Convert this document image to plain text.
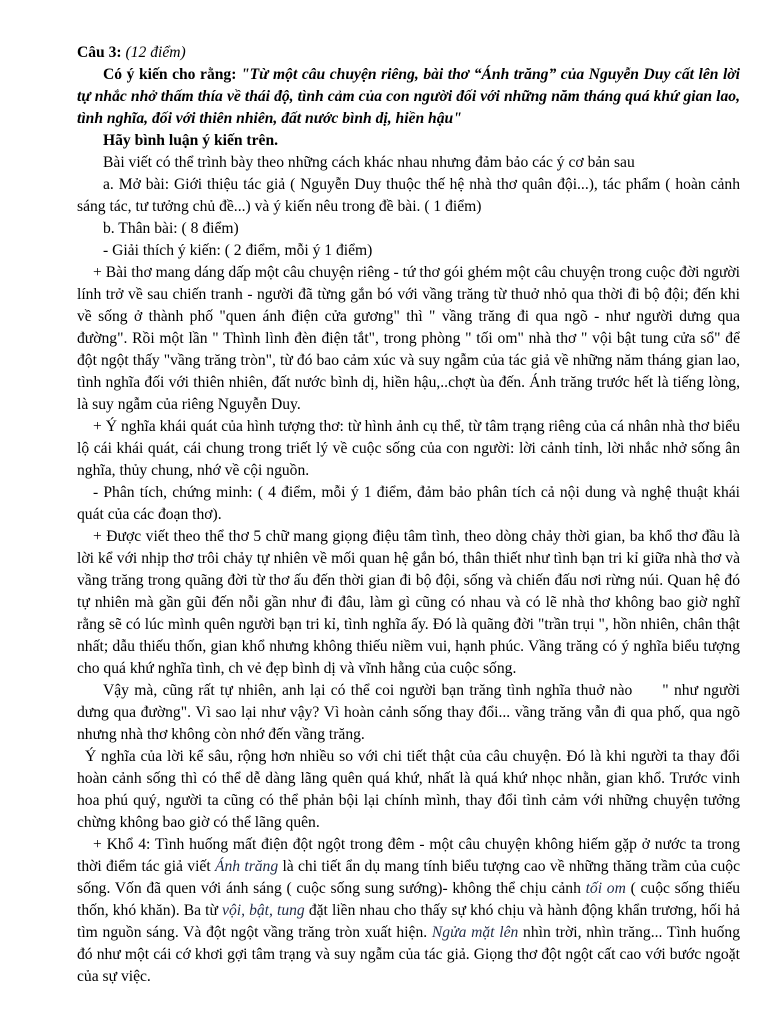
Câu 3: (12 điểm)

Có ý kiến cho rằng: "Từ một câu chuyện riêng, bài thơ “Ánh trăng” của Nguyễn Duy cất lên lời tự nhắc nhở thấm thía về thái độ, tình cảm của con người đối với những năm tháng quá khứ gian lao, tình nghĩa, đối với thiên nhiên, đất nước bình dị, hiền hậu"

Hãy bình luận ý kiến trên.

Bài viết có thể trình bày theo những cách khác nhau nhưng đảm bảo các ý cơ bản sau

a. Mở bài: Giới thiệu tác giả ( Nguyễn Duy thuộc thế hệ nhà thơ quân đội...), tác phẩm ( hoàn cảnh sáng tác, tư tưởng chủ đề...) và ý kiến nêu trong đề bài. ( 1 điểm)

b. Thân bài: ( 8 điểm)

- Giải thích ý kiến: ( 2 điểm, mỗi ý 1 điểm)

+ Bài thơ mang dáng dấp một câu chuyện riêng - tứ thơ gói ghém một câu chuyện trong cuộc đời người lính trở về sau chiến tranh - người đã từng gắn bó với vầng trăng từ thuở nhỏ qua thời đi bộ đội; đến khi về sống ở thành phố "quen ánh điện cửa gương" thì " vầng trăng đi qua ngõ - như người dưng qua đường". Rồi một lần " Thình lình đèn điện tắt", trong phòng " tối om" nhà thơ " vội bật tung cửa sổ" để đột ngột thấy "vầng trăng tròn", từ đó bao cảm xúc và suy ngẫm của tác giả về những năm tháng gian lao, tình nghĩa đối với thiên nhiên, đất nước bình dị, hiền hậu,..chợt ùa đến. Ánh trăng trước hết là tiếng lòng, là suy ngẫm của riêng Nguyễn Duy.

+ Ý nghĩa khái quát của hình tượng thơ: từ hình ảnh cụ thể, từ tâm trạng riêng của cá nhân nhà thơ biểu lộ cái khái quát, cái chung trong triết lý về cuộc sống của con người: lời cảnh tỉnh, lời nhắc nhở sống ân nghĩa, thủy chung, nhớ về cội nguồn.

- Phân tích, chứng minh: ( 4 điểm, mỗi ý 1 điểm, đảm bảo phân tích cả nội dung và nghệ thuật khái quát của các đoạn thơ).

+ Được viết theo thể thơ 5 chữ mang giọng điệu tâm tình, theo dòng chảy thời gian, ba khổ thơ đầu là lời kể với nhịp thơ trôi chảy tự nhiên về mối quan hệ gắn bó, thân thiết như tình bạn tri kỉ giữa nhà thơ và vầng trăng trong quãng đời từ thơ ấu đến thời gian đi bộ đội, sống và chiến đấu nơi rừng núi. Quan hệ đó tự nhiên mà gần gũi đến nỗi gần như đi đâu, làm gì cũng có nhau và có lẽ nhà thơ không bao giờ nghĩ rằng sẽ có lúc mình quên người bạn tri kỉ, tình nghĩa ấy. Đó là quãng đời "trần trụi ", hồn nhiên, chân thật nhất; dẫu thiếu thốn, gian khổ nhưng không thiếu niềm vui, hạnh phúc. Vầng trăng có ý nghĩa biểu tượng cho quá khứ nghĩa tình, ch vẻ đẹp bình dị và vĩnh hằng của cuộc sống.

Vậy mà, cũng rất tự nhiên, anh lại có thể coi người bạn trăng tình nghĩa thuở nào " như người dưng qua đường". Vì sao lại như vậy? Vì hoàn cảnh sống thay đổi... vầng trăng vẫn đi qua phố, qua ngõ nhưng nhà thơ không còn nhớ đến vầng trăng.

Ý nghĩa của lời kể sâu, rộng hơn nhiều so với chi tiết thật của câu chuyện. Đó là khi người ta thay đổi hoàn cảnh sống thì có thể dễ dàng lãng quên quá khứ, nhất là quá khứ nhọc nhằn, gian khổ. Trước vinh hoa phú quý, người ta cũng có thể phản bội lại chính mình, thay đổi tình cảm với những chuyện tưởng chừng không bao giờ có thể lãng quên.

+ Khổ 4: Tình huống mất điện đột ngột trong đêm - một câu chuyện không hiếm gặp ở nước ta trong thời điểm tác giả viết Ánh trăng là chi tiết ẩn dụ mang tính biểu tượng cao về những thăng trầm của cuộc sống. Vốn đã quen với ánh sáng ( cuộc sống sung sướng)- không thể chịu cảnh tối om ( cuộc sống thiếu thốn, khó khăn). Ba từ vội, bật, tung đặt liền nhau cho thấy sự khó chịu và hành động khẩn trương, hối hả tìm nguồn sáng. Và đột ngột vầng trăng tròn xuất hiện. Ngửa mặt lên nhìn trời, nhìn trăng... Tình huống đó như một cái cớ khơi gợi tâm trạng và suy ngẫm của tác giả. Giọng thơ đột ngột cất cao với bước ngoặt của sự việc.
